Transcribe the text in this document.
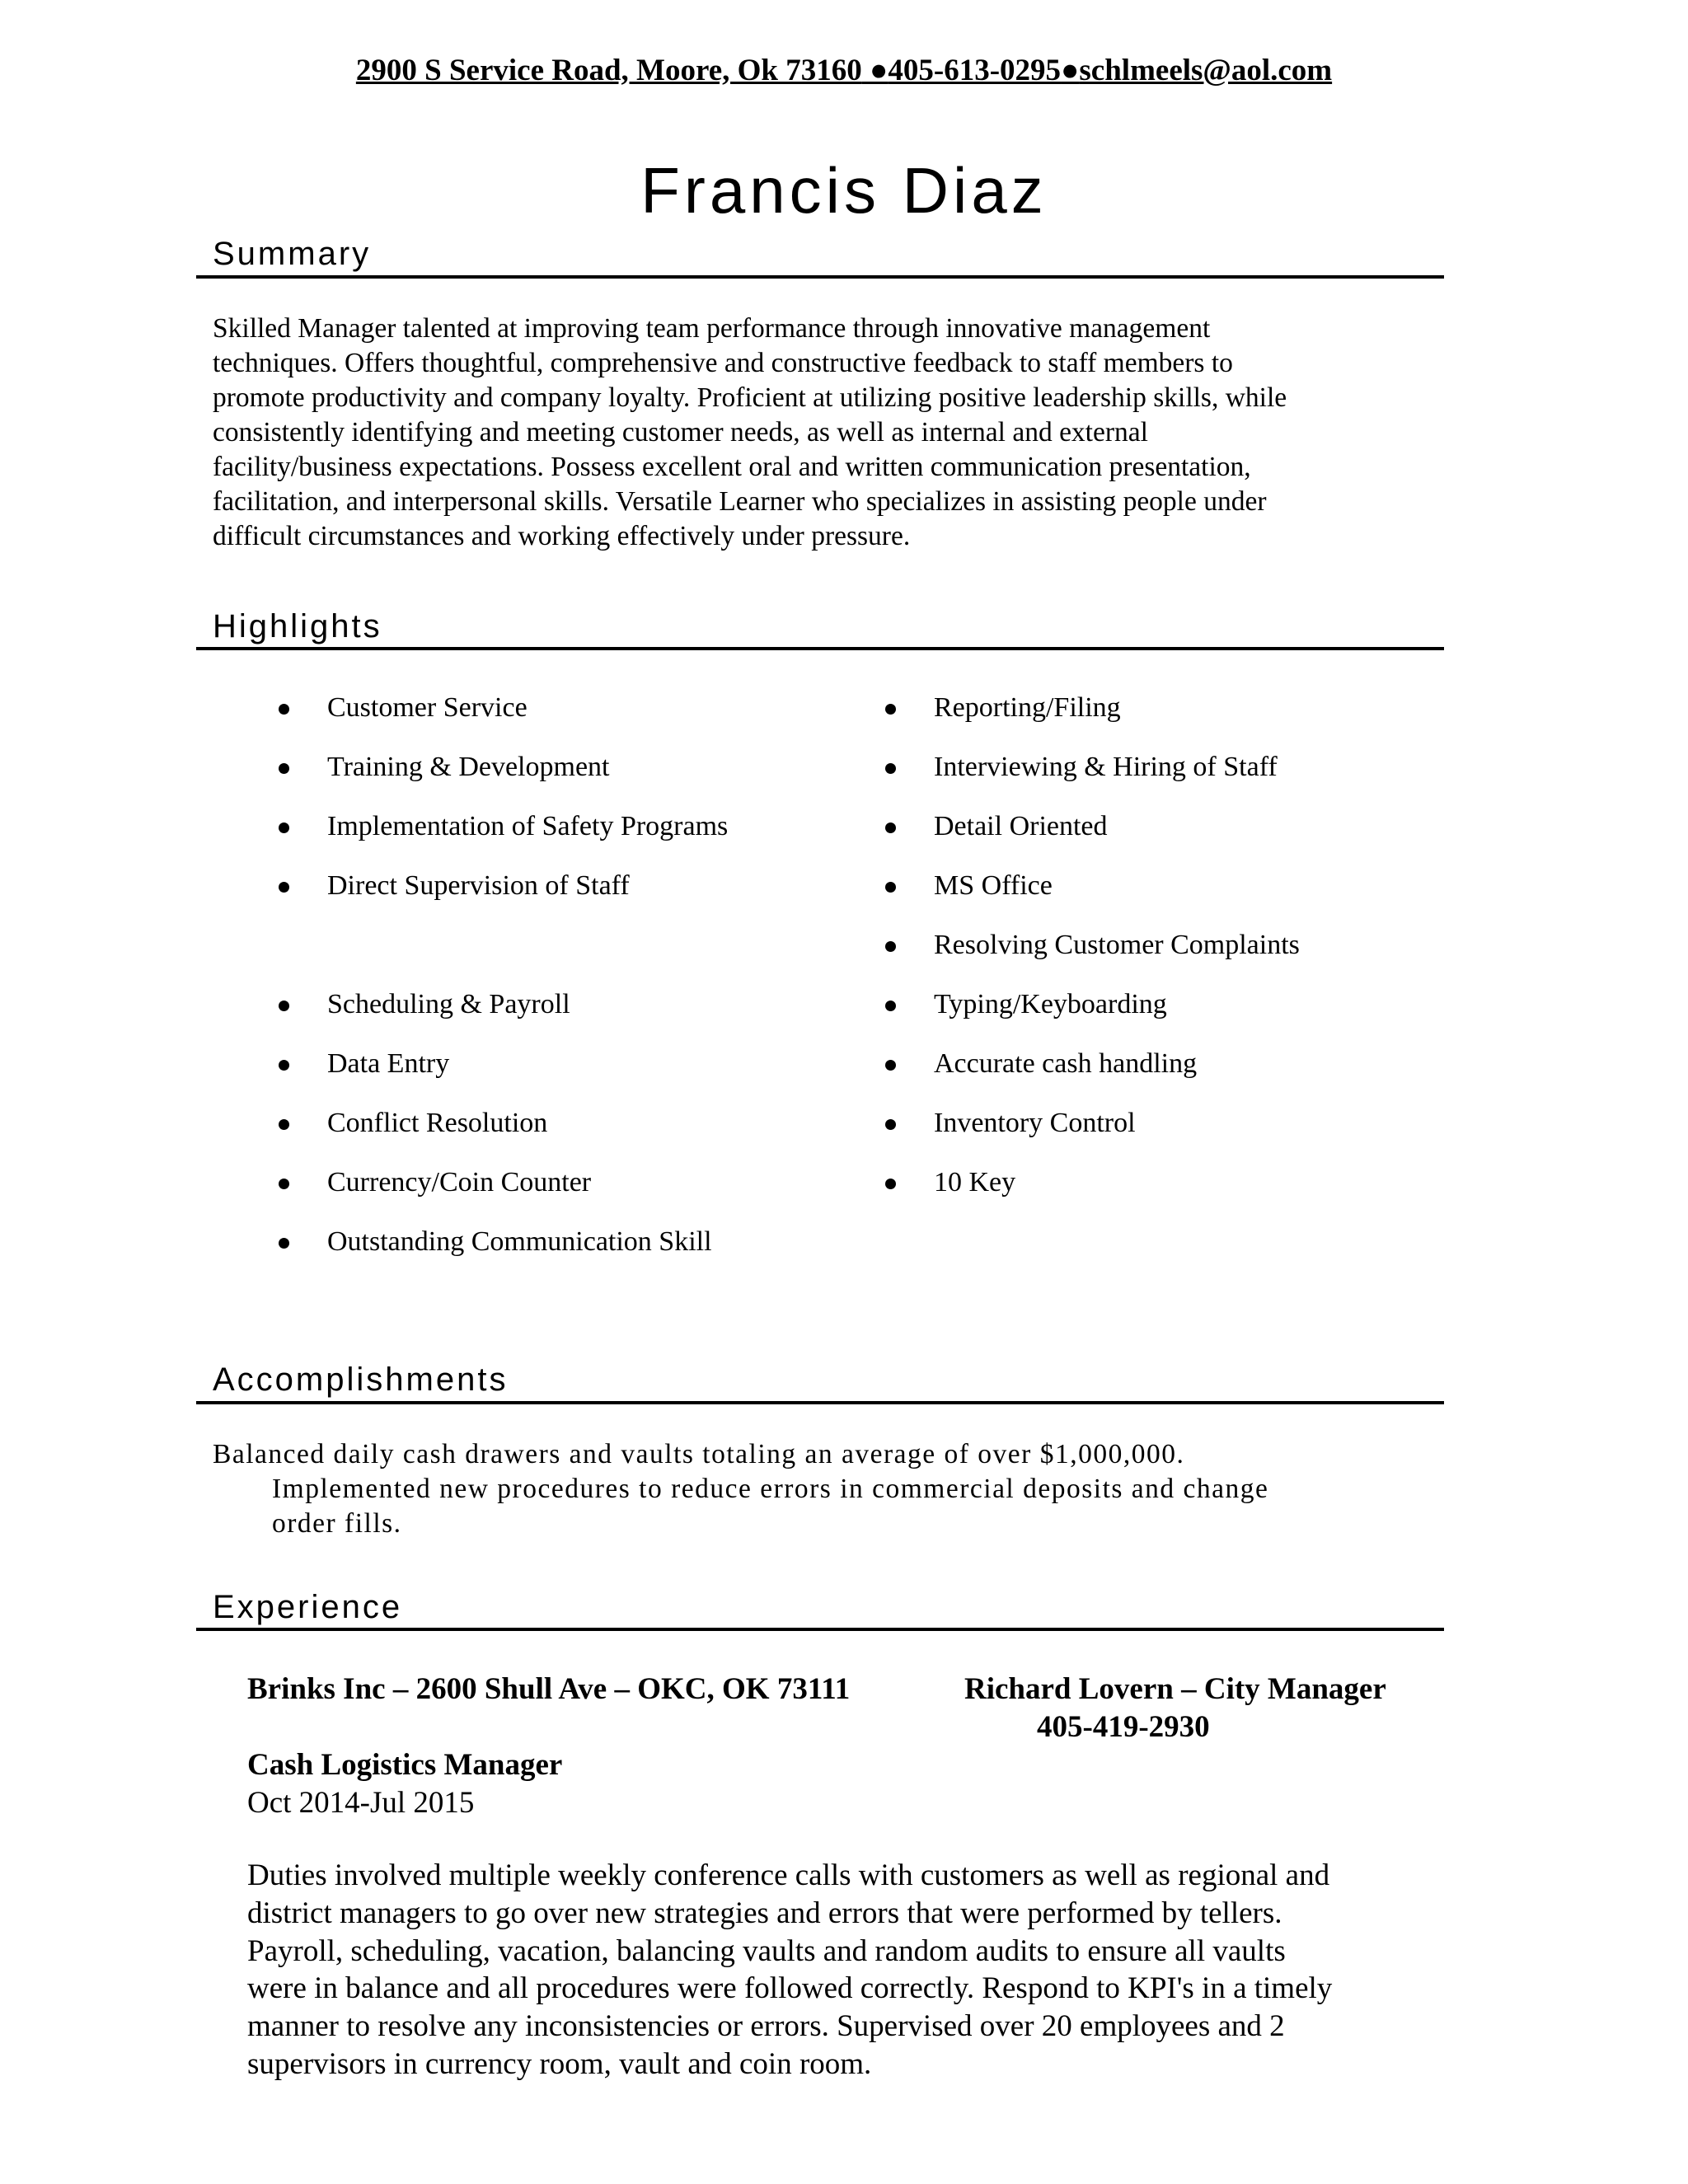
2900 S Service Road, Moore, Ok 73160 ●405-613-0295●schlmeels@aol.com
Francis Diaz
Summary

Skilled Manager talented at improving team performance through innovative management

techniques. Offers thoughtful, comprehensive and constructive feedback to staff members to

promote productivity and company loyalty. Proficient at utilizing positive leadership skills, while

consistently identifying and meeting customer needs, as well as internal and external

facility/business expectations. Possess excellent oral and written communication presentation,

facilitation, and interpersonal skills. Versatile Learner who specializes in assisting people under

difficult circumstances and working effectively under pressure.

Highlights
Customer Service
Training & Development
Implementation of Safety Programs
Direct Supervision of Staff
Scheduling & Payroll
Data Entry
Conflict Resolution
Currency/Coin Counter
Outstanding Communication Skill
Reporting/Filing
Interviewing & Hiring of Staff
Detail Oriented
MS Office
Resolving Customer Complaints
Typing/Keyboarding
Accurate cash handling
Inventory Control
10 Key
Accomplishments

Balanced daily cash drawers and vaults totaling an average of over $1,000,000.

Implemented new procedures to reduce errors in commercial deposits and change

order fills.

Experience
Brinks Inc – 2600 Shull Ave – OKC, OK 73111	Richard Lovern – City Manager
405-419-2930
Cash Logistics Manager
Oct 2014-Jul 2015

Duties involved multiple weekly conference calls with customers as well as regional and

district managers to go over new strategies and errors that were performed by tellers.

Payroll, scheduling, vacation, balancing vaults and random audits to ensure all vaults

were in balance and all procedures were followed correctly. Respond to KPI's in a timely

manner to resolve any inconsistencies or errors. Supervised over 20 employees and 2

supervisors in currency room, vault and coin room.
